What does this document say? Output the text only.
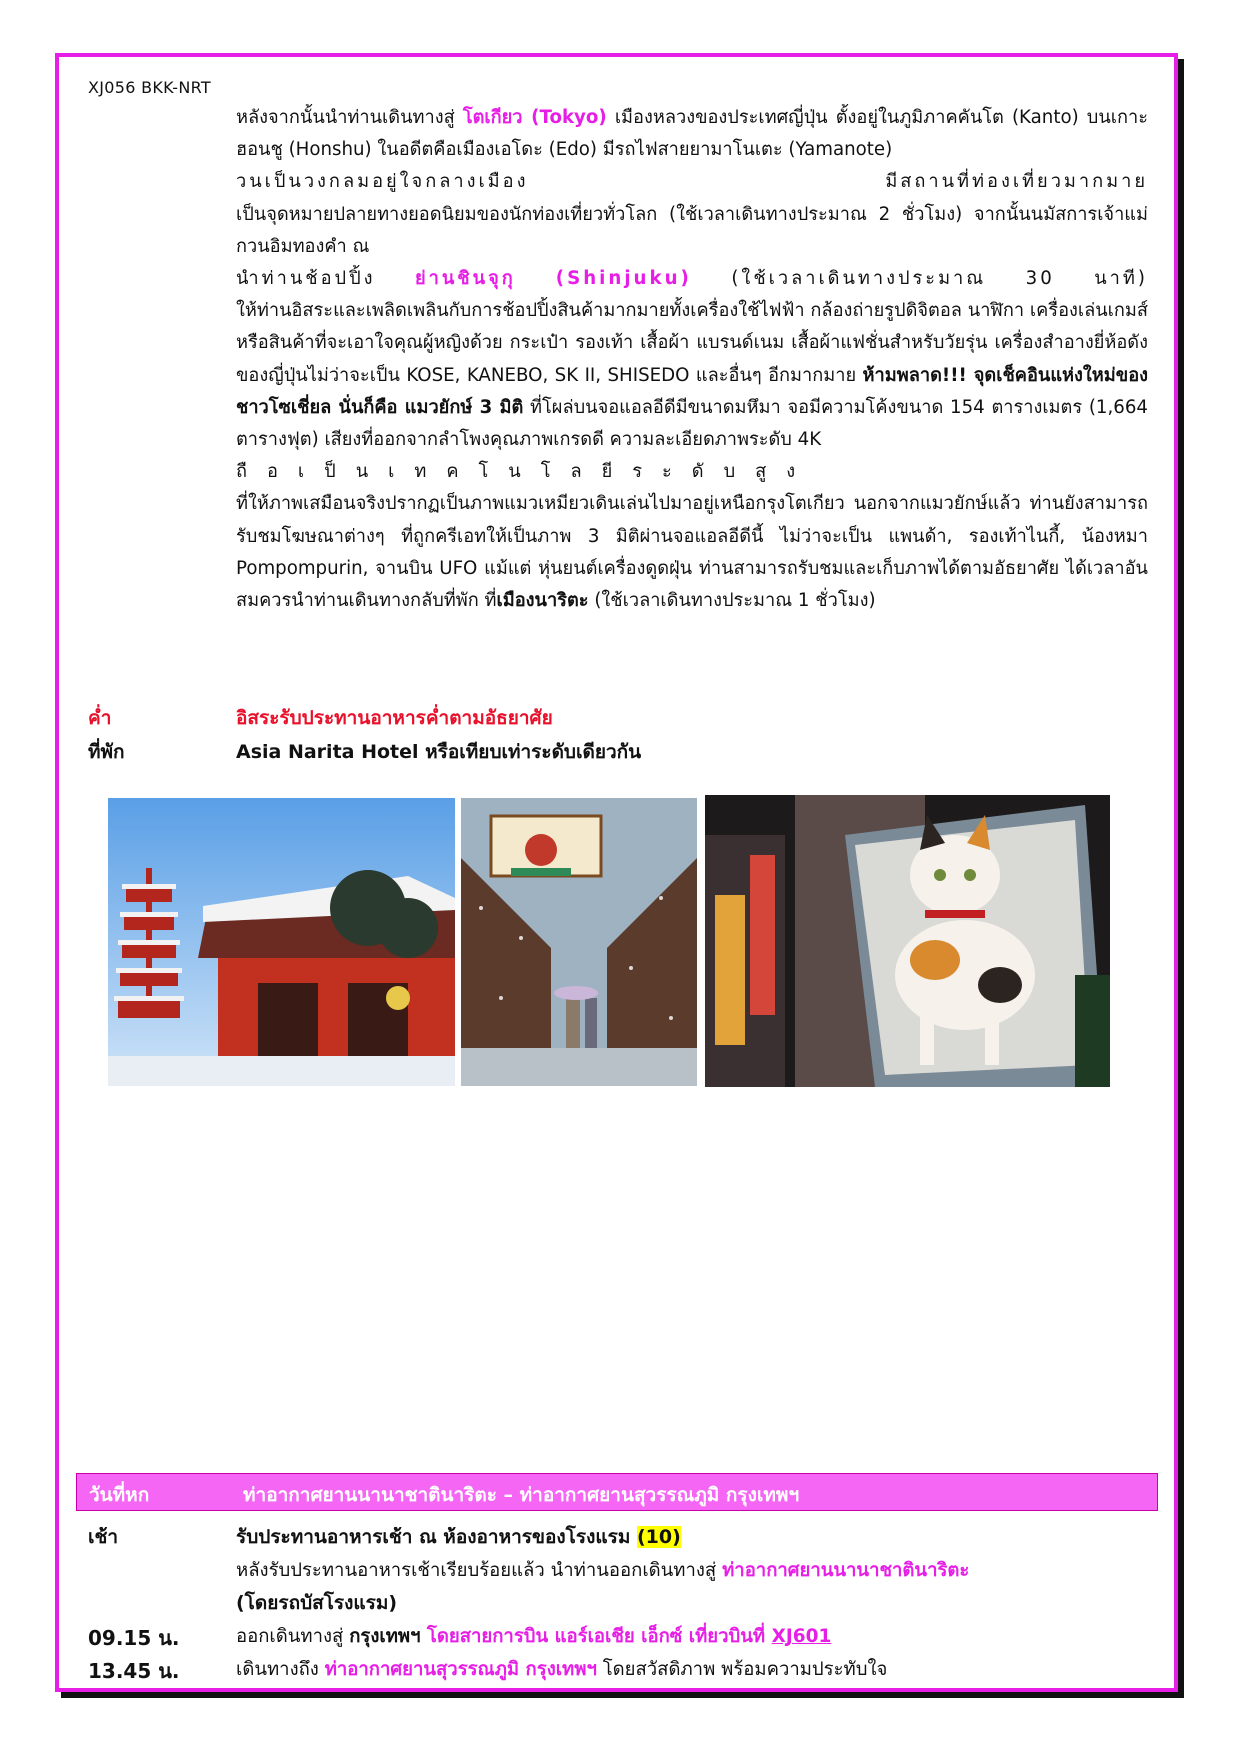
XJ056 BKK-NRT

หลังจากนั้นนำท่านเดินทางสู่ โตเกียว (Tokyo) เมืองหลวงของประเทศญี่ปุ่น ตั้งอยู่ในภูมิภาคคันโต (Kanto) บนเกาะฮอนชู (Honshu) ในอดีตคือเมืองเอโดะ (Edo) มีรถไฟสายยามาโนเตะ (Yamanote)

วนเป็นวงกลมอยู่ใจกลางเมือง มีสถานที่ท่องเที่ยวมากมาย

เป็นจุดหมายปลายทางยอดนิยมของนักท่องเที่ยวทั่วโลก (ใช้เวลาเดินทางประมาณ 2 ชั่วโมง) จากนั้นนมัสการเจ้าแม่กวนอิมทองคำ ณ

นำท่านช้อปปิ้ง ย่านชินจุกุ (Shinjuku) (ใช้เวลาเดินทางประมาณ 30 นาที)

ให้ท่านอิสระและเพลิดเพลินกับการช้อปปิ้งสินค้ามากมายทั้งเครื่องใช้ไฟฟ้า กล้องถ่ายรูปดิจิตอล นาฬิกา เครื่องเล่นเกมส์ หรือสินค้าที่จะเอาใจคุณผู้หญิงด้วย กระเป๋า รองเท้า เสื้อผ้า แบรนด์เนม เสื้อผ้าแฟชั่นสำหรับวัยรุ่น เครื่องสำอางยี่ห้อดังของญี่ปุ่นไม่ว่าจะเป็น KOSE, KANEBO, SK II, SHISEDO และอื่นๆ อีกมากมาย ห้ามพลาด!!! จุดเช็คอินแห่งใหม่ของชาวโซเชี่ยล นั่นก็คือ แมวยักษ์ 3 มิติ ที่โผล่บนจอแอลอีดีมีขนาดมหึมา จอมีความโค้งขนาด 154 ตารางเมตร (1,664 ตารางฟุต) เสียงที่ออกจากลำโพงคุณภาพเกรดดี ความละเอียดภาพระดับ 4K

ถือเป็นเทคโนโลยีระดับสูง

ที่ให้ภาพเสมือนจริงปรากฏเป็นภาพแมวเหมียวเดินเล่นไปมาอยู่เหนือกรุงโตเกียว นอกจากแมวยักษ์แล้ว ท่านยังสามารถรับชมโฆษณาต่างๆ ที่ถูกครีเอทให้เป็นภาพ 3 มิติผ่านจอแอลอีดีนี้ ไม่ว่าจะเป็น แพนด้า, รองเท้าไนกี้, น้องหมา Pompompurin, จานบิน UFO แม้แต่ หุ่นยนต์เครื่องดูดฝุ่น ท่านสามารถรับชมและเก็บภาพได้ตามอัธยาศัย ได้เวลาอันสมควรนำท่านเดินทางกลับที่พัก ที่เมืองนาริตะ (ใช้เวลาเดินทางประมาณ 1 ชั่วโมง)

ค่ำ	อิสระรับประทานอาหารค่ำตามอัธยาศัย
ที่พัก	Asia Narita Hotel หรือเทียบเท่าระดับเดียวกัน
วันที่หก	ท่าอากาศยานนานาชาตินาริตะ – ท่าอากาศยานสุวรรณภูมิ กรุงเทพฯ
เช้า	รับประทานอาหารเช้า ณ ห้องอาหารของโรงแรม (10)
หลังรับประทานอาหารเช้าเรียบร้อยแล้ว นำท่านออกเดินทางสู่ ท่าอากาศยานนานาชาตินาริตะ
(โดยรถบัสโรงแรม)
09.15 น.	ออกเดินทางสู่ กรุงเทพฯ โดยสายการบิน แอร์เอเชีย เอ็กซ์ เที่ยวบินที่ XJ601
13.45 น.	เดินทางถึง ท่าอากาศยานสุวรรณภูมิ กรุงเทพฯ โดยสวัสดิภาพ พร้อมความประทับใจ
